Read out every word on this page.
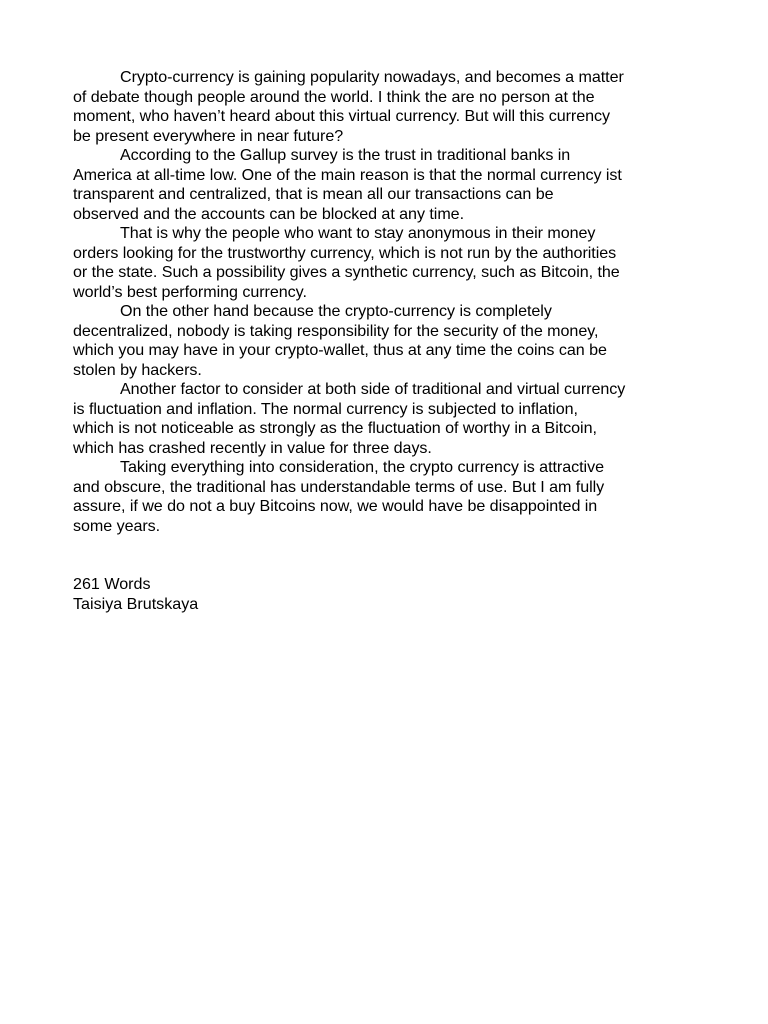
Crypto-currency is gaining popularity nowadays, and becomes a matter
of debate though people around the world. I think the are no person at the
moment, who haven’t heard about this virtual currency. But will this currency
be present everywhere in near future?
According to the Gallup survey is the trust in traditional banks in
America at all-time low. One of the main reason is that the normal currency ist
transparent and centralized, that is mean all our transactions can be
observed and the accounts can be blocked at any time.
That is why the people who want to stay anonymous in their money
orders looking for the trustworthy currency, which is not run by the authorities
or the state. Such a possibility gives a synthetic currency, such as Bitcoin, the
world’s best performing currency.
On the other hand because the crypto-currency is completely
decentralized, nobody is taking responsibility for the security of the money,
which you may have in your crypto-wallet, thus at any time the coins can be
stolen by hackers.
Another factor to consider at both side of traditional and virtual currency
is fluctuation and inflation. The normal currency is subjected to inflation,
which is not noticeable as strongly as the fluctuation of worthy in a Bitcoin,
which has crashed recently in value for three days.
Taking everything into consideration, the crypto currency is attractive
and obscure, the traditional has understandable terms of use. But I am fully
assure, if we do not a buy Bitcoins now, we would have be disappointed in
some years.
261 Words
Taisiya Brutskaya
